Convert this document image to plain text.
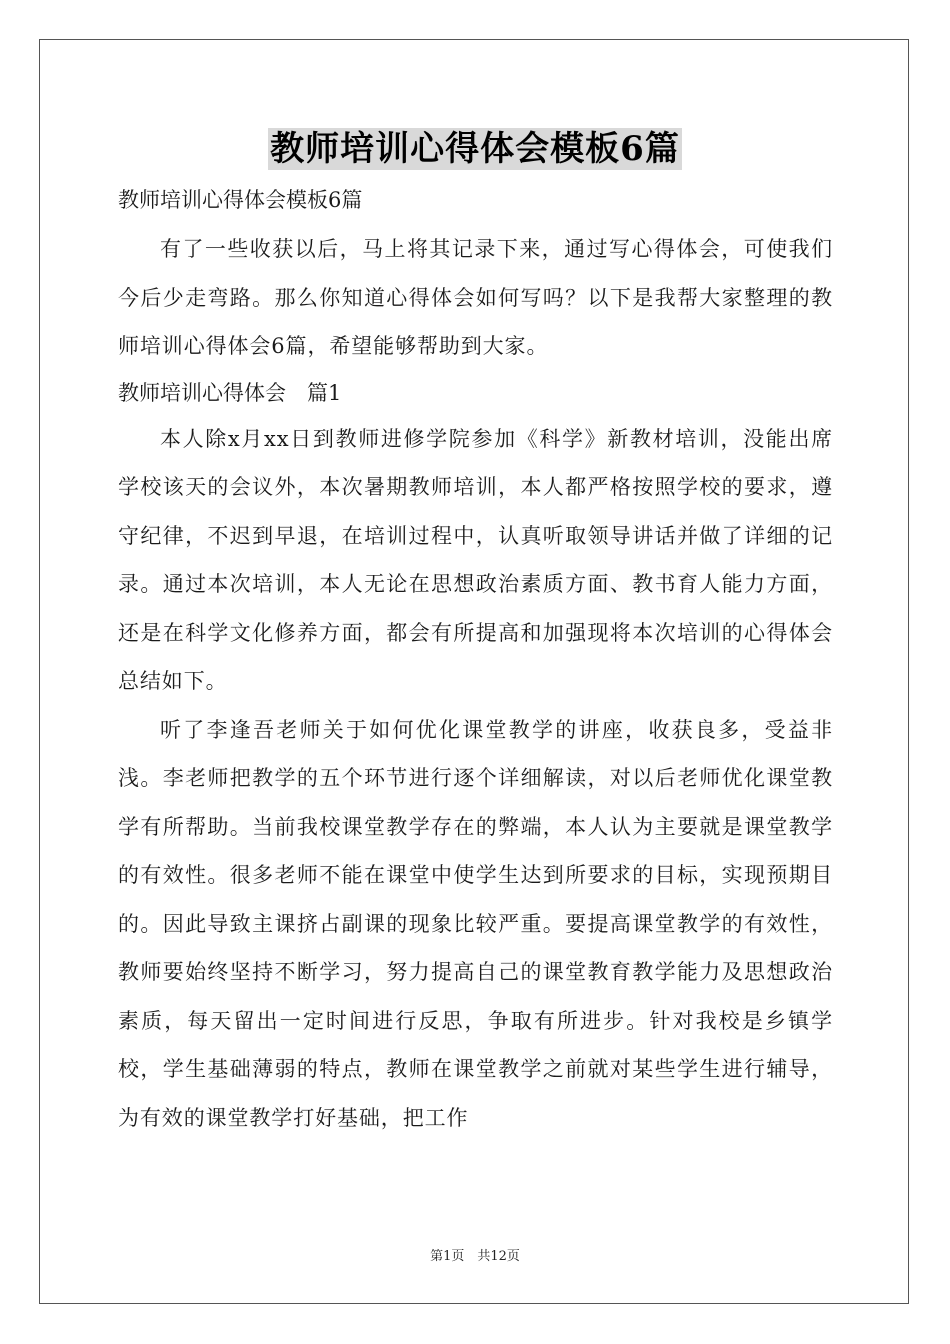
教师培训心得体会模板6篇
教师培训心得体会模板6篇
有了一些收获以后，马上将其记录下来，通过写心得体会，可使我们今后少走弯路。那么你知道心得体会如何写吗？以下是我帮大家整理的教师培训心得体会6篇，希望能够帮助到大家。
教师培训心得体会　篇1
本人除x月xx日到教师进修学院参加《科学》新教材培训，没能出席学校该天的会议外，本次暑期教师培训，本人都严格按照学校的要求，遵守纪律，不迟到早退，在培训过程中，认真听取领导讲话并做了详细的记录。通过本次培训，本人无论在思想政治素质方面、教书育人能力方面，还是在科学文化修养方面，都会有所提高和加强现将本次培训的心得体会总结如下。
听了李逢吾老师关于如何优化课堂教学的讲座，收获良多，受益非浅。李老师把教学的五个环节进行逐个详细解读，对以后老师优化课堂教学有所帮助。当前我校课堂教学存在的弊端，本人认为主要就是课堂教学的有效性。很多老师不能在课堂中使学生达到所要求的目标，实现预期目的。因此导致主课挤占副课的现象比较严重。要提高课堂教学的有效性，教师要始终坚持不断学习，努力提高自己的课堂教育教学能力及思想政治素质，每天留出一定时间进行反思，争取有所进步。针对我校是乡镇学校，学生基础薄弱的特点，教师在课堂教学之前就对某些学生进行辅导，为有效的课堂教学打好基础，把工作
第1页　共12页
